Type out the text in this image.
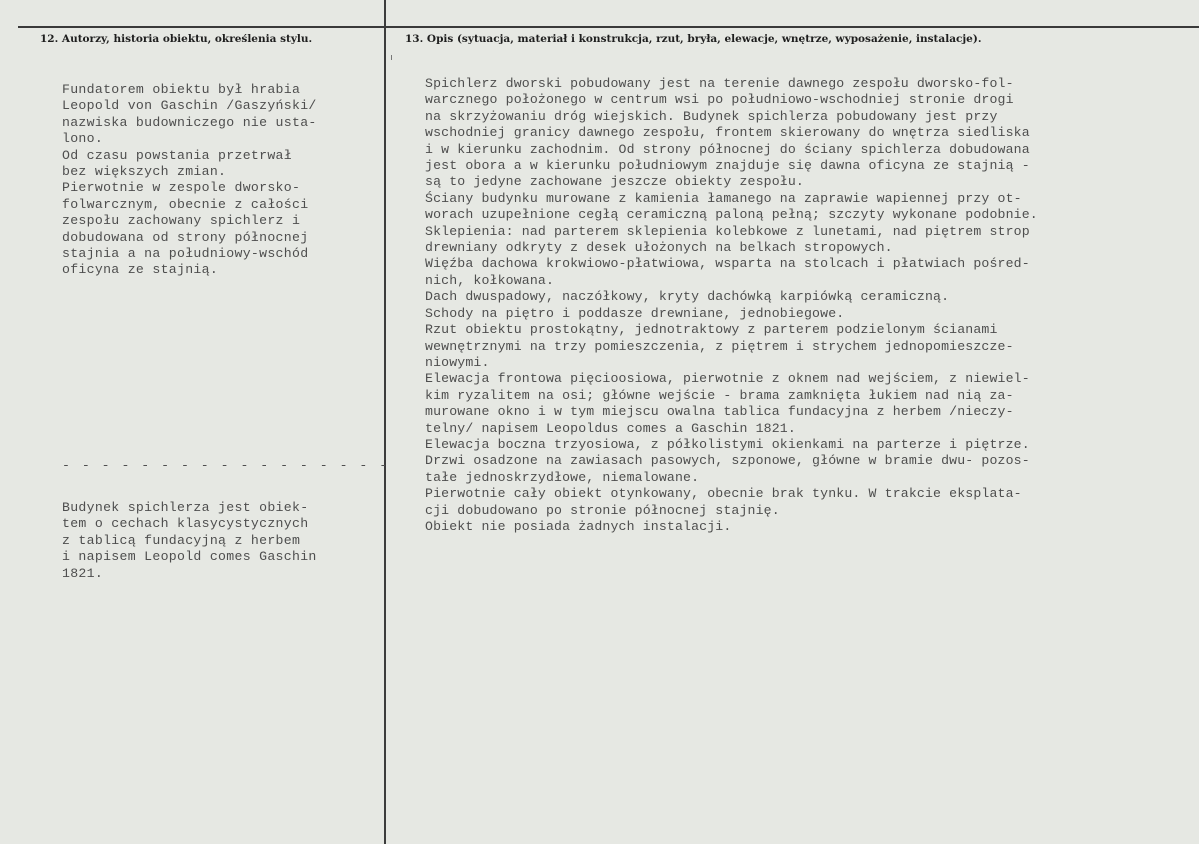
12. Autorzy, historia obiektu, określenia stylu.	13. Opis (sytuacja, materiał i konstrukcja, rzut, bryła, elewacje, wnętrze, wyposażenie, instalacje).

Fundatorem obiektu był hrabia
Leopold von Gaschin /Gaszyński/
nazwiska budowniczego nie usta-
lono.
Od czasu powstania przetrwał
bez większych zmian.
Pierwotnie w zespole dworsko-
folwarcznym, obecnie z całości
zespołu zachowany spichlerz i
dobudowana od strony północnej
stajnia a na południowy-wschód
oficyna ze stajnią.
- - - - - - - - - - - - - - - - -
Budynek spichlerza jest obiek-
tem o cechach klasycystycznych
z tablicą fundacyjną z herbem
i napisem Leopold comes Gaschin
1821.
Spichlerz dworski pobudowany jest na terenie dawnego zespołu dworsko-fol-
warcznego położonego w centrum wsi po południowo-wschodniej stronie drogi
na skrzyżowaniu dróg wiejskich. Budynek spichlerza pobudowany jest przy
wschodniej granicy dawnego zespołu, frontem skierowany do wnętrza siedliska
i w kierunku zachodnim. Od strony północnej do ściany spichlerza dobudowana
jest obora a w kierunku południowym znajduje się dawna oficyna ze stajnią -
są to jedyne zachowane jeszcze obiekty zespołu.
Ściany budynku murowane z kamienia łamanego na zaprawie wapiennej przy ot-
worach uzupełnione cegłą ceramiczną paloną pełną; szczyty wykonane podobnie.
Sklepienia: nad parterem sklepienia kolebkowe z lunetami, nad piętrem strop
drewniany odkryty z desek ułożonych na belkach stropowych.
Więźba dachowa krokwiowo-płatwiowa, wsparta na stolcach i płatwiach pośred-
nich, kołkowana.
Dach dwuspadowy, naczółkowy, kryty dachówką karpiówką ceramiczną.
Schody na piętro i poddasze drewniane, jednobiegowe.
Rzut obiektu prostokątny, jednotraktowy z parterem podzielonym ścianami
wewnętrznymi na trzy pomieszczenia, z piętrem i strychem jednopomieszcze-
niowymi.
Elewacja frontowa pięcioosiowa, pierwotnie z oknem nad wejściem, z niewiel-
kim ryzalitem na osi; główne wejście - brama zamknięta łukiem nad nią za-
murowane okno i w tym miejscu owalna tablica fundacyjna z herbem /nieczy-
telny/ napisem Leopoldus comes a Gaschin 1821.
Elewacja boczna trzyosiowa, z półkolistymi okienkami na parterze i piętrze.
Drzwi osadzone na zawiasach pasowych, szponowe, główne w bramie dwu- pozos-
tałe jednoskrzydłowe, niemalowane.
Pierwotnie cały obiekt otynkowany, obecnie brak tynku. W trakcie eksplata-
cji dobudowano po stronie północnej stajnię.
Obiekt nie posiada żadnych instalacji.
